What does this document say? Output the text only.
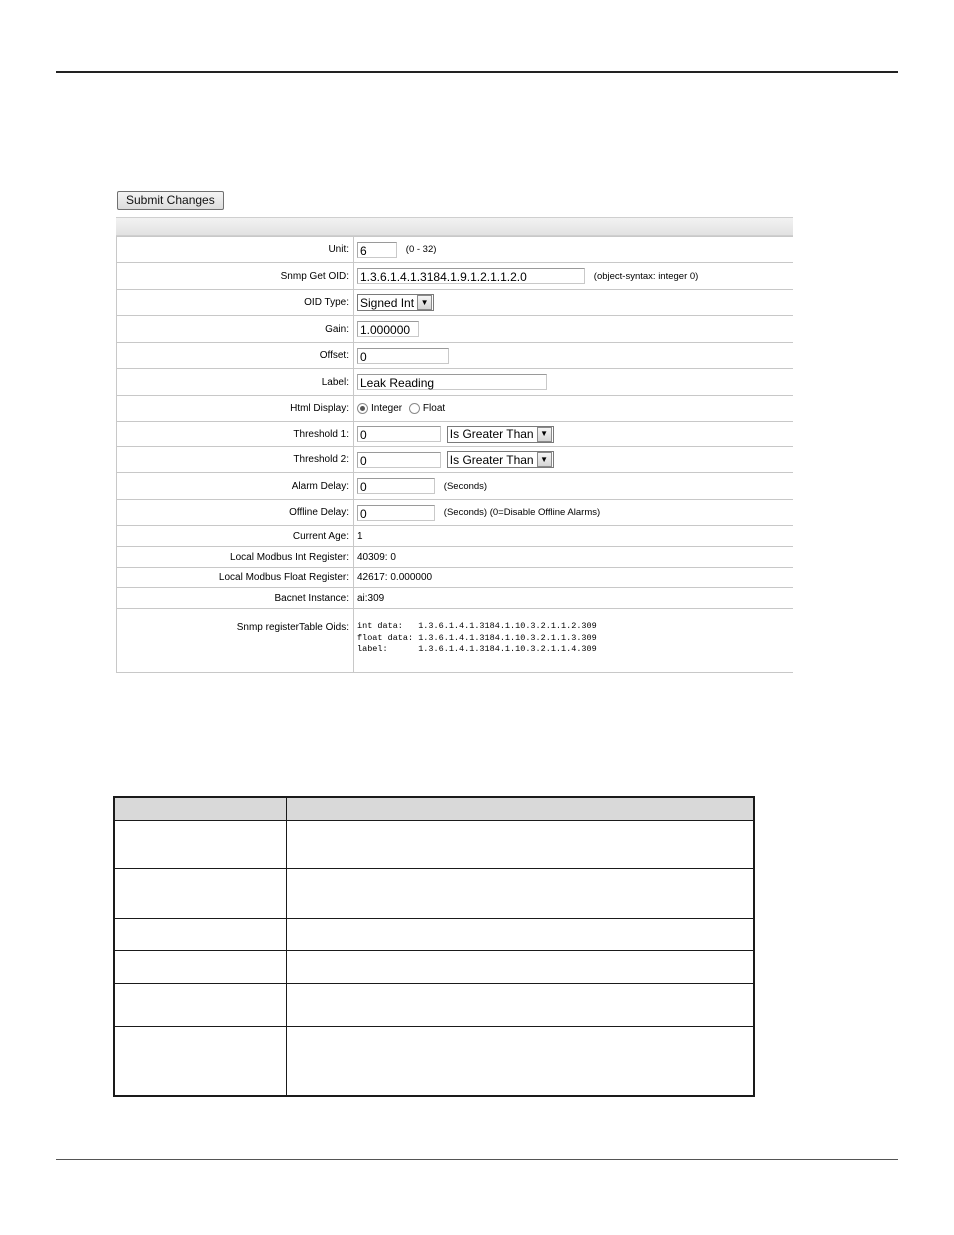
Submit Changes
Unit:	6 (0 - 32)
Snmp Get OID:	1.3.6.1.4.1.3184.1.9.1.2.1.1.2.0 (object-syntax: integer 0)
OID Type:	Signed Int ▼

Gain:	1.000000
Offset:	0
Label:	Leak Reading
Html Display:	Integer Float
Threshold 1:	0 Is Greater Than ▼

Threshold 2:	0 Is Greater Than ▼

Alarm Delay:	0 (Seconds)
Offline Delay:	0 (Seconds) (0=Disable Offline Alarms)
Current Age:	1
Local Modbus Int Register:	40309: 0
Local Modbus Float Register:	42617: 0.000000
Bacnet Instance:	ai:309
Snmp registerTable Oids:	int data:   1.3.6.1.4.1.3184.1.10.3.2.1.1.2.309
float data: 1.3.6.1.4.1.3184.1.10.3.2.1.1.3.309
label:      1.3.6.1.4.1.3184.1.10.3.2.1.1.4.309
